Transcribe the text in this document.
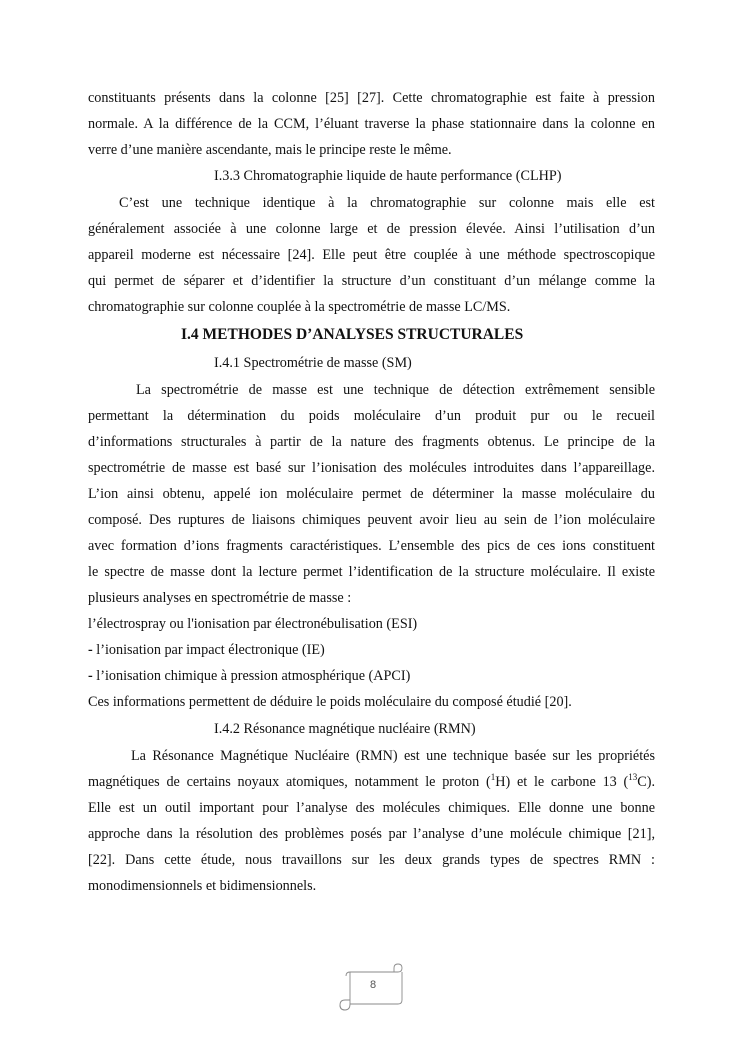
constituants présents dans la colonne [25] [27]. Cette chromatographie est faite à pression
normale. A la différence de la CCM, l’éluant traverse la phase stationnaire dans la colonne en
verre d’une manière ascendante, mais le principe reste le même.
I.3.3 Chromatographie liquide de haute performance (CLHP)
C’est une technique identique à la chromatographie sur colonne mais elle est
généralement associée à une colonne large et de pression élevée. Ainsi l’utilisation d’un
appareil moderne est nécessaire [24]. Elle peut être couplée à une méthode spectroscopique
qui permet de séparer et d’identifier la structure d’un constituant d’un mélange comme la
chromatographie sur colonne couplée à la spectrométrie de masse LC/MS.
I.4 METHODES D’ANALYSES STRUCTURALES
I.4.1 Spectrométrie de masse (SM)
La spectrométrie de masse est une technique de détection extrêmement sensible
permettant la détermination du poids moléculaire d’un produit pur ou le recueil
d’informations structurales à partir de la nature des fragments obtenus. Le principe de la
spectrométrie de masse est basé sur l’ionisation des molécules introduites dans l’appareillage.
L’ion ainsi obtenu, appelé ion moléculaire permet de déterminer la masse moléculaire du
composé. Des ruptures de liaisons chimiques peuvent avoir lieu au sein de l’ion moléculaire
avec formation d’ions fragments caractéristiques. L’ensemble des pics de ces ions constituent
le spectre de masse dont la lecture permet l’identification de la structure moléculaire. Il existe
plusieurs analyses en spectrométrie de masse :
l’électrospray ou l'ionisation par électronébulisation (ESI)
- l’ionisation par impact électronique (IE)
- l’ionisation chimique à pression atmosphérique (APCI)
Ces informations permettent de déduire le poids moléculaire du composé étudié [20].
I.4.2 Résonance magnétique nucléaire (RMN)
La Résonance Magnétique Nucléaire (RMN) est une technique basée sur les propriétés
magnétiques de certains noyaux atomiques, notamment le proton ($^1$H) et le carbone 13 ($^{13}$C).
Elle est un outil important pour l’analyse des molécules chimiques. Elle donne une bonne
approche dans la résolution des problèmes posés par l’analyse d’une molécule chimique [21],
[22]. Dans cette étude, nous travaillons sur les deux grands types de spectres RMN :
monodimensionnels et bidimensionnels.
8
